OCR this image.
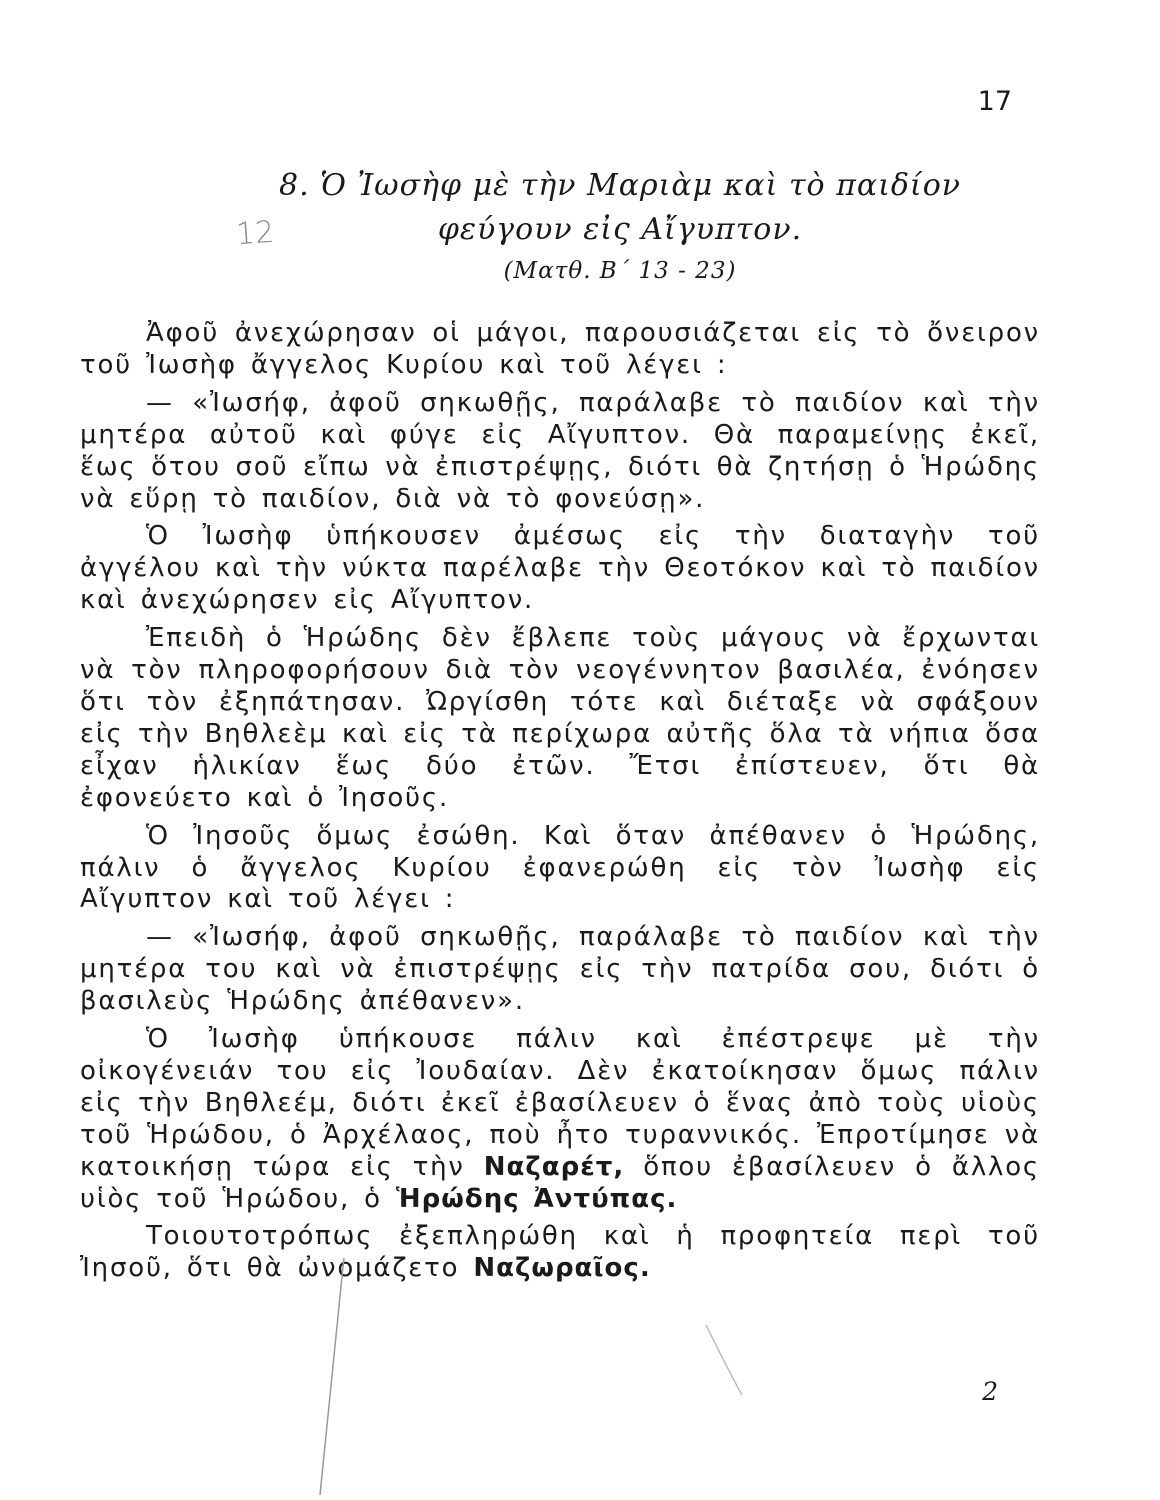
17
8. Ὁ Ἰωσὴφ μὲ τὴν Μαριὰμ καὶ τὸ παιδίον
φεύγουν εἰς Αἴγυπτον.
(Ματθ. Β΄ 13 - 23)
12

Ἀφοῦ ἀνεχώρησαν οἱ μάγοι, παρουσιάζεται εἰς τὸ ὄνειρον τοῦ Ἰωσὴφ ἄγγελος Κυρίου καὶ τοῦ λέγει :

— «Ἰωσήφ, ἀφοῦ σηκωθῇς, παράλαβε τὸ παιδίον καὶ τὴν μητέρα αὐτοῦ καὶ φύγε εἰς Αἴγυπτον. Θὰ παραμείνῃς ἐκεῖ, ἕως ὅτου σοῦ εἴπω νὰ ἐπιστρέψῃς, διότι θὰ ζητήσῃ ὁ Ἡρώδης νὰ εὕρῃ τὸ παιδίον, διὰ νὰ τὸ φονεύσῃ».

Ὁ Ἰωσὴφ ὑπήκουσεν ἀμέσως εἰς τὴν διαταγὴν τοῦ ἀγγέλου καὶ τὴν νύκτα παρέλαβε τὴν Θεοτόκον καὶ τὸ παιδίον καὶ ἀνεχώρησεν εἰς Αἴγυπτον.

Ἐπειδὴ ὁ Ἡρώδης δὲν ἔβλεπε τοὺς μάγους νὰ ἔρχωνται νὰ τὸν πληροφορήσουν διὰ τὸν νεογέννητον βασιλέα, ἐνόησεν ὅτι τὸν ἐξηπάτησαν. Ὠργίσθη τότε καὶ διέταξε νὰ σφάξουν εἰς τὴν Βηθλεὲμ καὶ εἰς τὰ περίχωρα αὐτῆς ὅλα τὰ νήπια ὅσα εἶχαν ἡλικίαν ἕως δύο ἐτῶν. Ἔτσι ἐπίστευεν, ὅτι θὰ ἐφονεύετο καὶ ὁ Ἰησοῦς.

Ὁ Ἰησοῦς ὅμως ἐσώθη. Καὶ ὅταν ἀπέθανεν ὁ Ἡρώδης, πάλιν ὁ ἄγγελος Κυρίου ἐφανερώθη εἰς τὸν Ἰωσὴφ εἰς Αἴγυπτον καὶ τοῦ λέγει :

— «Ἰωσήφ, ἀφοῦ σηκωθῇς, παράλαβε τὸ παιδίον καὶ τὴν μητέρα του καὶ νὰ ἐπιστρέψῃς εἰς τὴν πατρίδα σου, διότι ὁ βασιλεὺς Ἡρώδης ἀπέθανεν».

Ὁ Ἰωσὴφ ὑπήκουσε πάλιν καὶ ἐπέστρεψε μὲ τὴν οἰκογένειάν του εἰς Ἰουδαίαν. Δὲν ἐκατοίκησαν ὅμως πάλιν εἰς τὴν Βηθλεέμ, διότι ἐκεῖ ἐβασίλευεν ὁ ἕνας ἀπὸ τοὺς υἱοὺς τοῦ Ἡρώδου, ὁ Ἀρχέλαος, ποὺ ἦτο τυραννικός. Ἐπροτίμησε νὰ κατοικήσῃ τώρα εἰς τὴν Ναζαρέτ, ὅπου ἐβασίλευεν ὁ ἄλλος υἱὸς τοῦ Ἡρώδου, ὁ Ἡρώδης Ἀντύπας.

Τοιουτοτρόπως ἐξεπληρώθη καὶ ἡ προφητεία περὶ τοῦ Ἰησοῦ, ὅτι θὰ ὠνομάζετο Ναζωραῖος.

2
